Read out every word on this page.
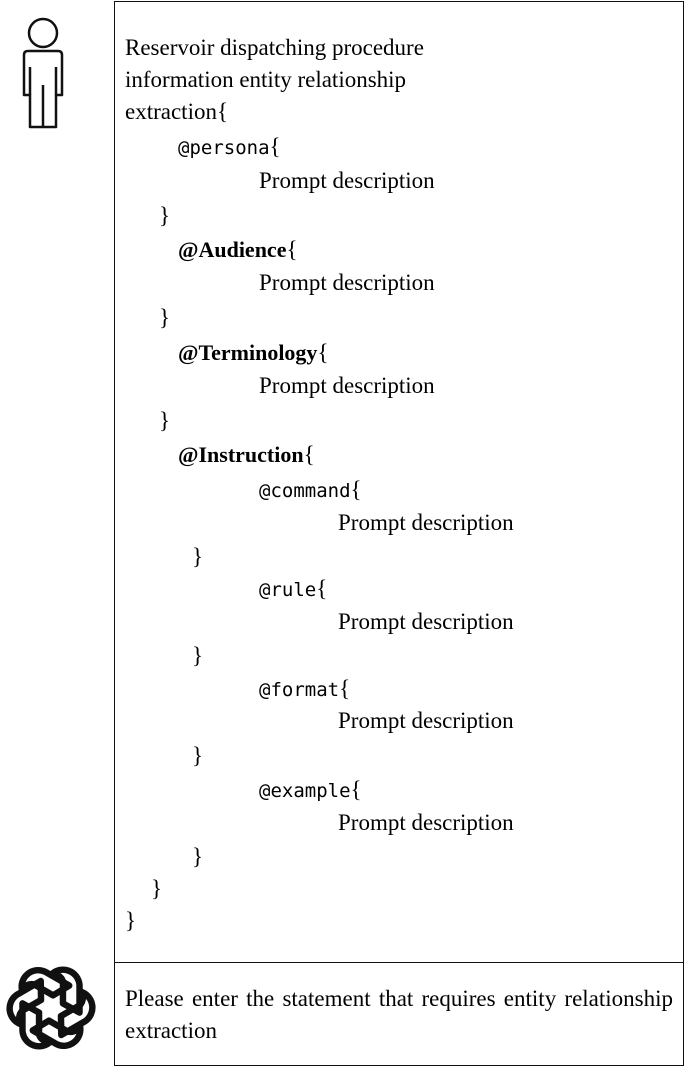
Reservoir dispatching procedure
information entity relationship
extraction{
@persona{
Prompt description
}
@Audience{
Prompt description
}
@Terminology{
Prompt description
}
@Instruction{
@command{
Prompt description
}
@rule{
Prompt description
}
@format{
Prompt description
}
@example{
Prompt description
}
}
}
Please enter the statement that requires entity relationship extraction
